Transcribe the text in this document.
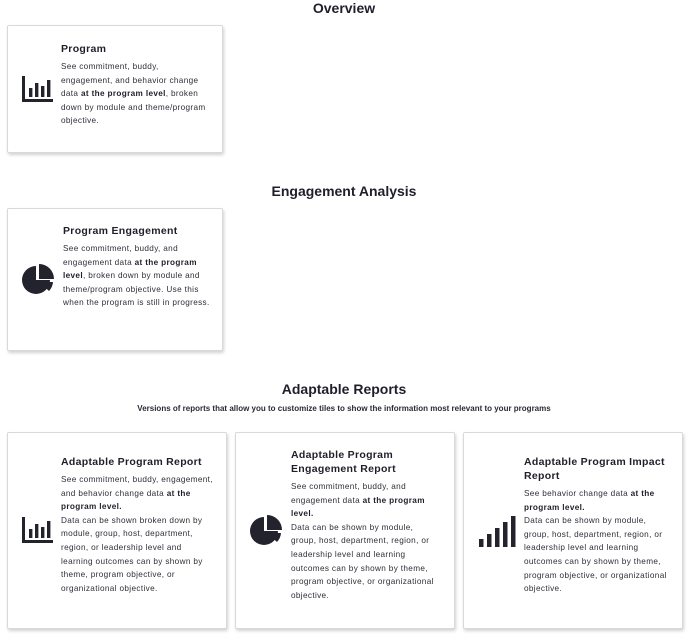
Overview
Program
See commitment, buddy, engagement, and behavior change data at the program level, broken down by module and theme/program objective.
Engagement Analysis
Program Engagement
See commitment, buddy, and engagement data at the program level, broken down by module and theme/program objective. Use this when the program is still in progress.
Adaptable Reports
Versions of reports that allow you to customize tiles to show the information most relevant to your programs
Adaptable Program Report
See commitment, buddy, engagement, and behavior change data at the program level.
Data can be shown broken down by module, group, host, department, region, or leadership level and learning outcomes can by shown by theme, program objective, or organizational objective.
Adaptable Program Engagement Report
See commitment, buddy, and engagement data at the program level.
Data can be shown by module, group, host, department, region, or leadership level and learning outcomes can by shown by theme, program objective, or organizational objective.
Adaptable Program Impact Report
See behavior change data at the program level.
Data can be shown by module, group, host, department, region, or leadership level and learning outcomes can by shown by theme, program objective, or organizational objective.
